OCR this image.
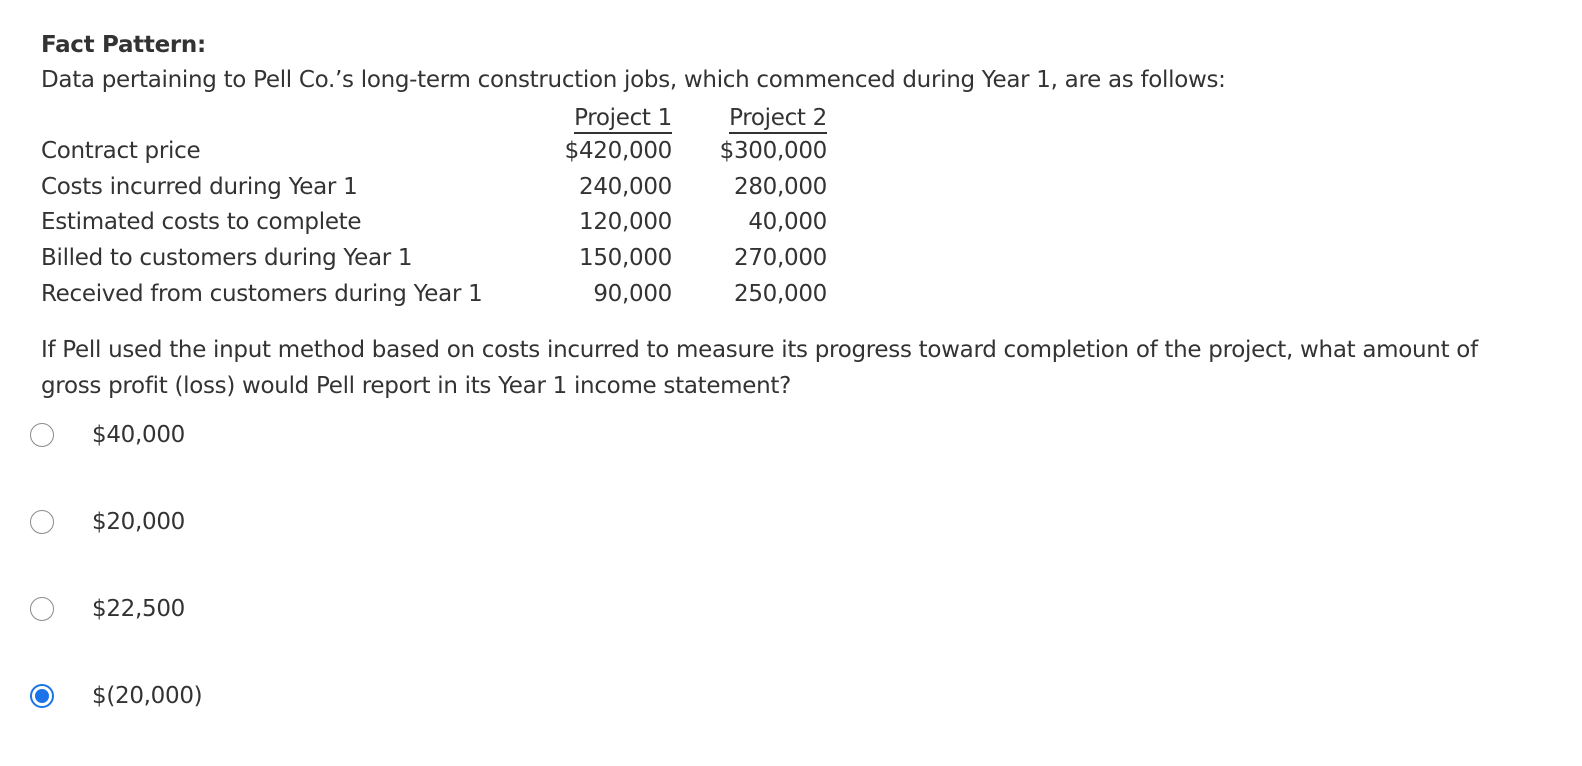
Fact Pattern:

Data pertaining to Pell Co.’s long-term construction jobs, which commenced during Year 1, are as follows:

	Project 1		Project 2
Contract price	$420,000		$300,000
Costs incurred during Year 1	240,000		280,000
Estimated costs to complete	120,000		40,000
Billed to customers during Year 1	150,000		270,000
Received from customers during Year 1	90,000		250,000

If Pell used the input method based on costs incurred to measure its progress toward completion of the project, what amount of gross profit (loss) would Pell report in its Year 1 income statement?

$40,000
$20,000
$22,500
$(20,000)
